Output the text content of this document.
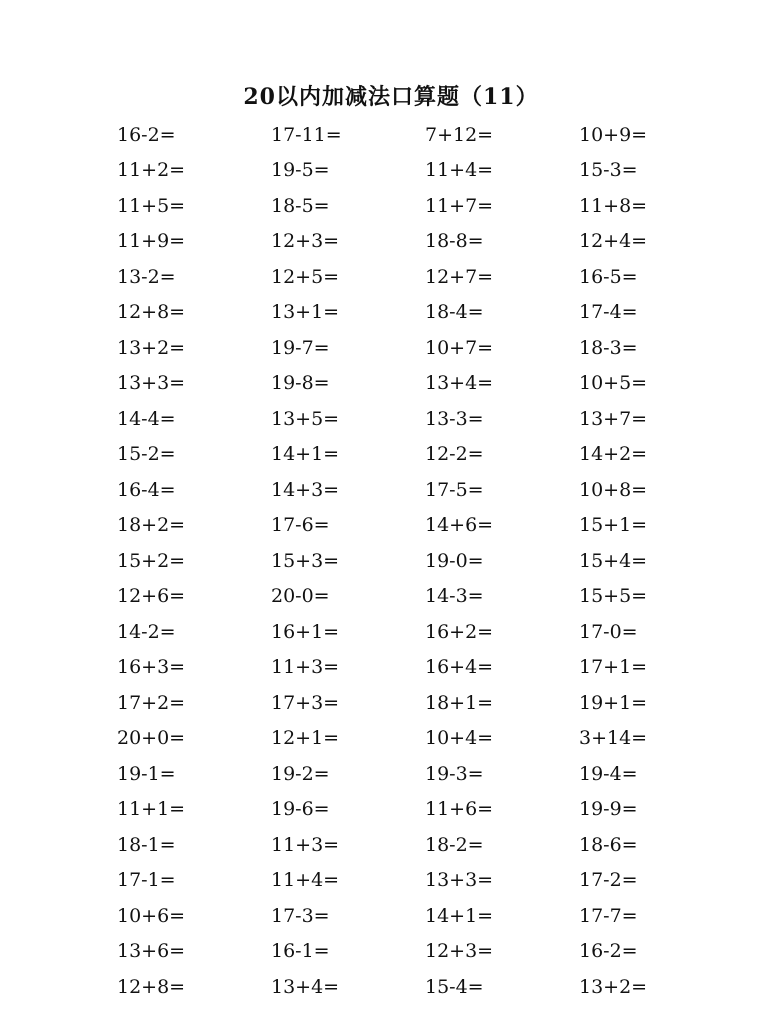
20以内加减法口算题（11）
16-2=	17-11=	7+12=	10+9=
11+2=	19-5=	11+4=	15-3=
11+5=	18-5=	11+7=	11+8=
11+9=	12+3=	18-8=	12+4=
13-2=	12+5=	12+7=	16-5=
12+8=	13+1=	18-4=	17-4=
13+2=	19-7=	10+7=	18-3=
13+3=	19-8=	13+4=	10+5=
14-4=	13+5=	13-3=	13+7=
15-2=	14+1=	12-2=	14+2=
16-4=	14+3=	17-5=	10+8=
18+2=	17-6=	14+6=	15+1=
15+2=	15+3=	19-0=	15+4=
12+6=	20-0=	14-3=	15+5=
14-2=	16+1=	16+2=	17-0=
16+3=	11+3=	16+4=	17+1=
17+2=	17+3=	18+1=	19+1=
20+0=	12+1=	10+4=	3+14=
19-1=	19-2=	19-3=	19-4=
11+1=	19-6=	11+6=	19-9=
18-1=	11+3=	18-2=	18-6=
17-1=	11+4=	13+3=	17-2=
10+6=	17-3=	14+1=	17-7=
13+6=	16-1=	12+3=	16-2=
12+8=	13+4=	15-4=	13+2=
